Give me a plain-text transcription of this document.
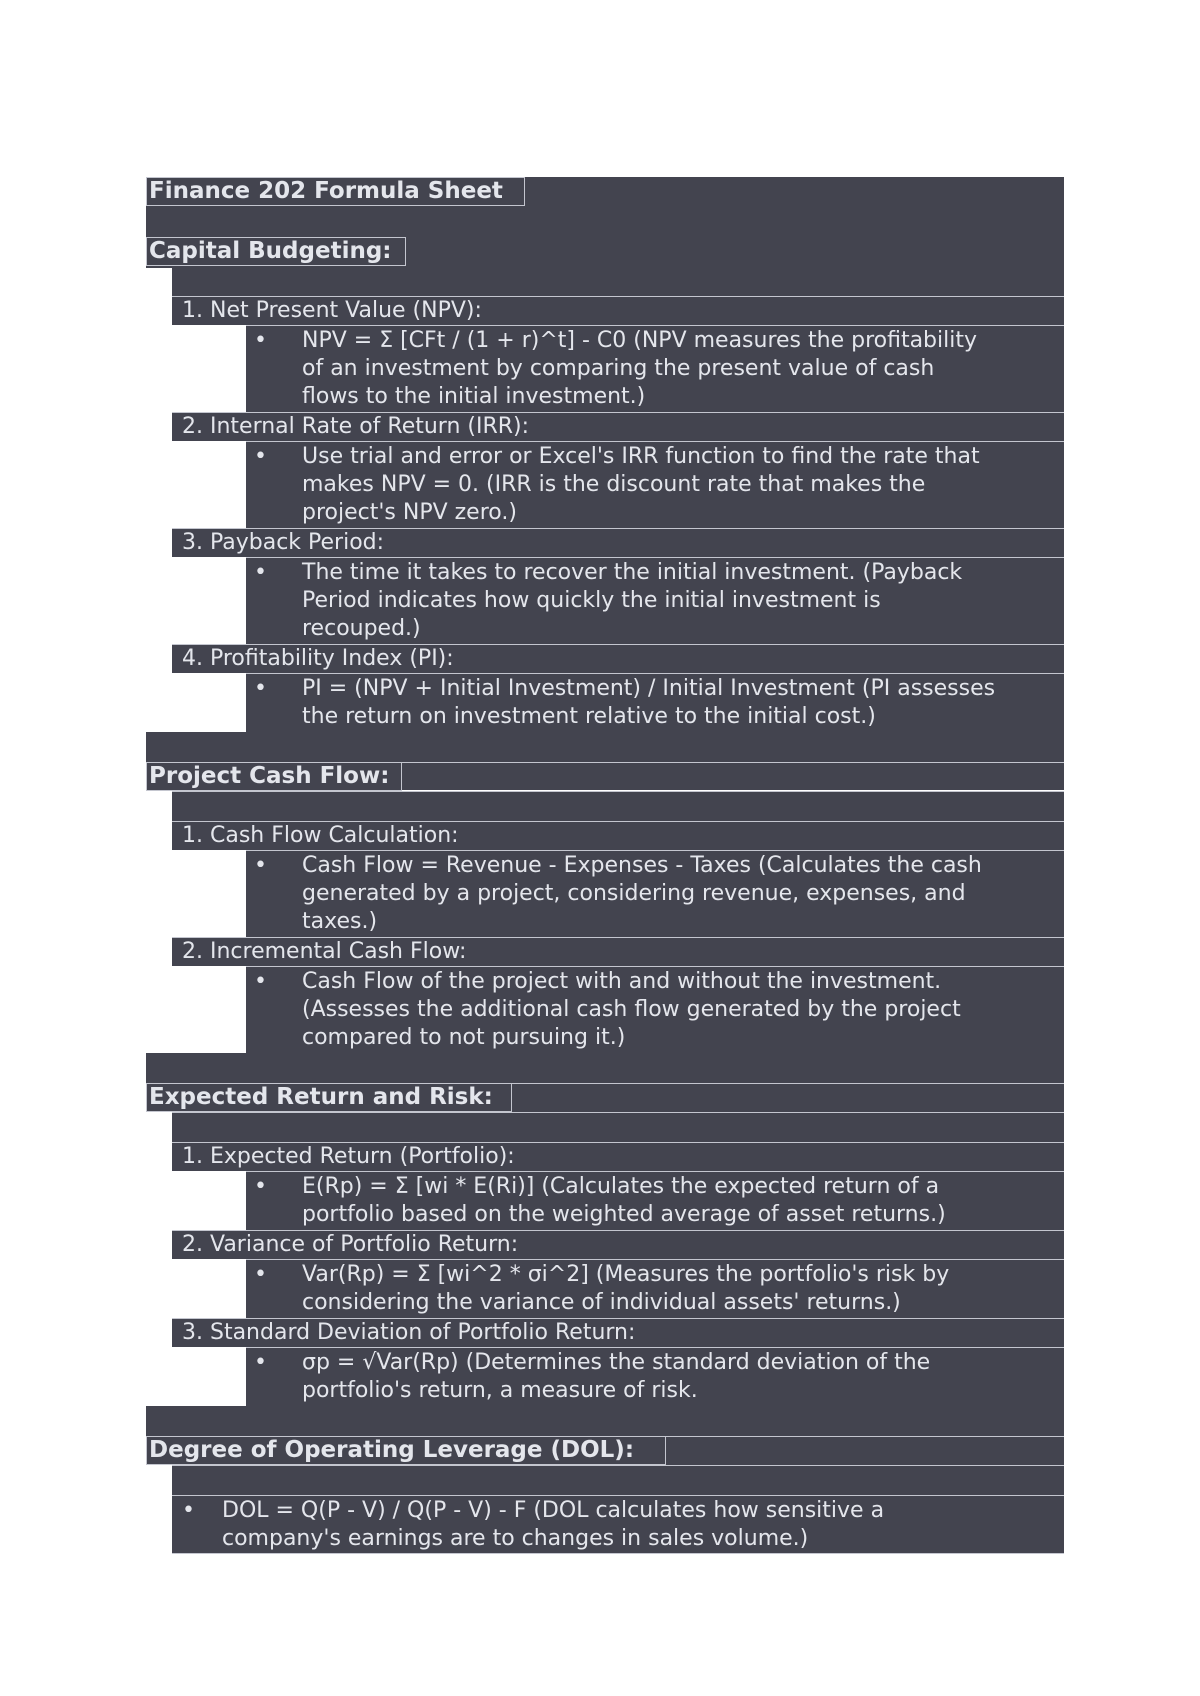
Finance 202 Formula Sheet
Capital Budgeting:
1. Net Present Value (NPV):
• NPV = Σ [CFt / (1 + r)^t] - C0 (NPV measures the profitability
of an investment by comparing the present value of cash
flows to the initial investment.)
2. Internal Rate of Return (IRR):
• Use trial and error or Excel's IRR function to find the rate that
makes NPV = 0. (IRR is the discount rate that makes the
project's NPV zero.)
3. Payback Period:
• The time it takes to recover the initial investment. (Payback
Period indicates how quickly the initial investment is
recouped.)
4. Profitability Index (PI):
• PI = (NPV + Initial Investment) / Initial Investment (PI assesses
the return on investment relative to the initial cost.)
Project Cash Flow:
1. Cash Flow Calculation:
• Cash Flow = Revenue - Expenses - Taxes (Calculates the cash
generated by a project, considering revenue, expenses, and
taxes.)
2. Incremental Cash Flow:
• Cash Flow of the project with and without the investment.
(Assesses the additional cash flow generated by the project
compared to not pursuing it.)
Expected Return and Risk:
1. Expected Return (Portfolio):
• E(Rp) = Σ [wi * E(Ri)] (Calculates the expected return of a
portfolio based on the weighted average of asset returns.)
2. Variance of Portfolio Return:
• Var(Rp) = Σ [wi^2 * σi^2] (Measures the portfolio's risk by
considering the variance of individual assets' returns.)
3. Standard Deviation of Portfolio Return:
• σp = √Var(Rp) (Determines the standard deviation of the
portfolio's return, a measure of risk.
Degree of Operating Leverage (DOL):
• DOL = Q(P - V) / Q(P - V) - F (DOL calculates how sensitive a
company's earnings are to changes in sales volume.)
